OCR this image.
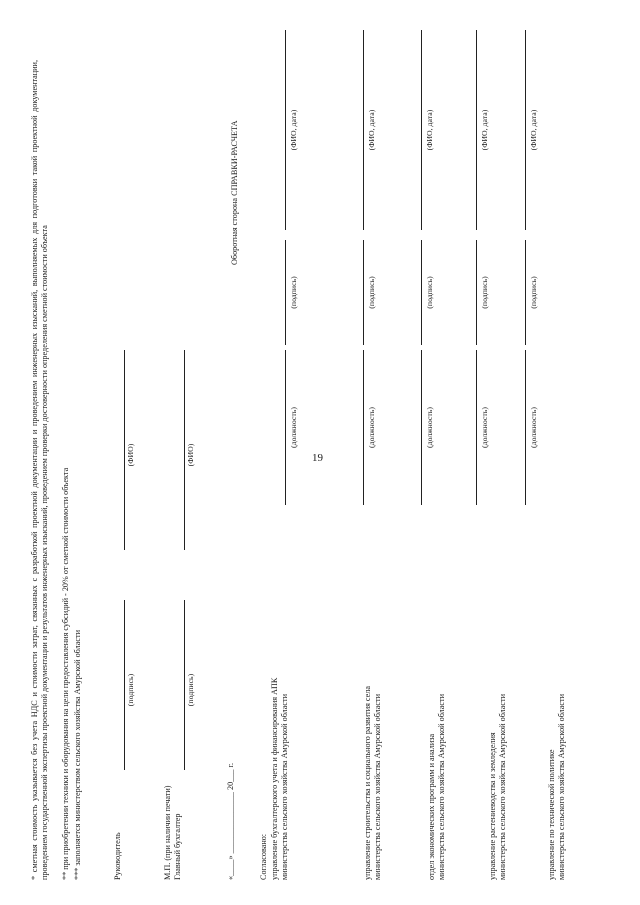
19
* сметная стоимость указывается без учета НДС и стоимости затрат, связанных с разработкой проектной документации и проведением инженерных изысканий, выполняемых для подготовки такой проектной документации, проведением государственной экспертизы проектной документации и результатов инженерных изысканий, проведением проверки достоверности определения сметной стоимости объекта ** при приобретении техники и оборудования на цели предоставления субсидий - 20% от сметной стоимости объекта *** заполняется министерством сельского хозяйства Амурской области	Руководитель
(подпись)
(ФИО)
М.П. (при наличии печати) Главный бухгалтер
(подпись)
(ФИО)
«____» _______________ 20___ г.
Оборотная сторона СПРАВКИ-РАСЧЕТА
Согласовано: управление бухгалтерского учета и финансирования АПК
министерства сельского хозяйства Амурской области
(должность)
(подпись)
(ФИО, дата)
управление строительства и социального развития села
министерства сельского хозяйства Амурской области
(должность)
(подпись)
(ФИО, дата)
отдел экономических программ и анализа
министерства сельского хозяйства Амурской области
(должность)
(подпись)
(ФИО, дата)
управление растениеводства и земледелия
министерства сельского хозяйства Амурской области
(должность)
(подпись)
(ФИО, дата)
управление по технической политике
министерства сельского хозяйства Амурской области
(должность)
(подпись)
(ФИО, дата)
